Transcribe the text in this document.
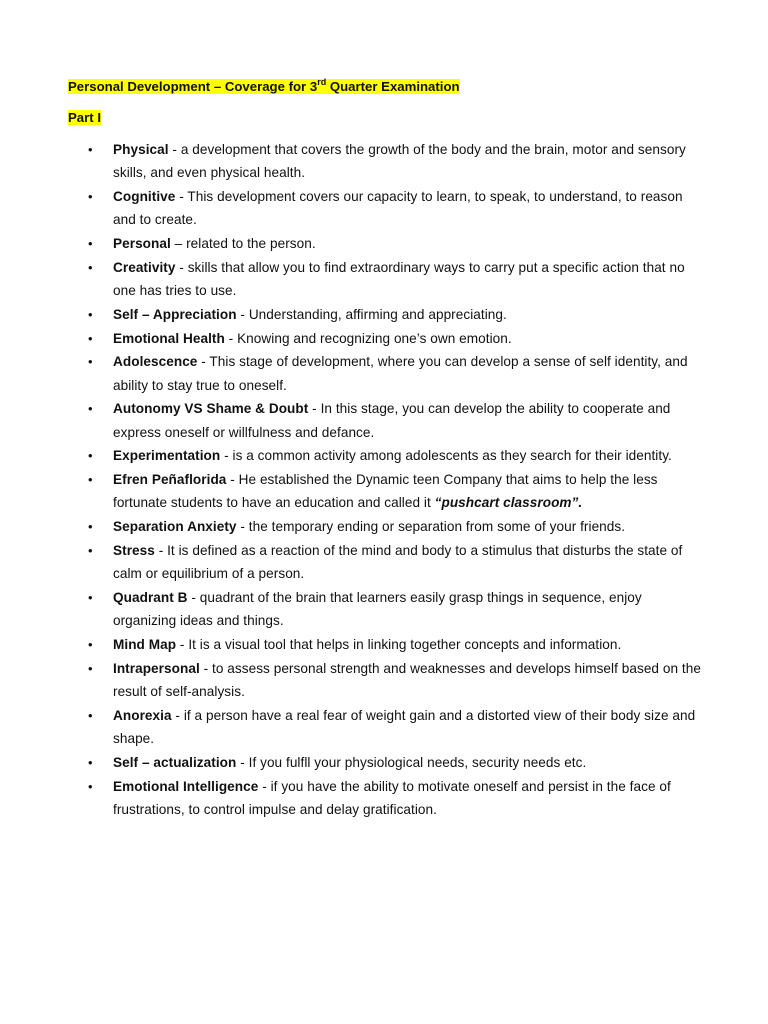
Personal Development – Coverage for 3rd Quarter Examination
Part I
• Physical - a development that covers the growth of the body and the brain, motor and sensory skills, and even physical health.
• Cognitive - This development covers our capacity to learn, to speak, to understand, to reason and to create.
• Personal – related to the person.
• Creativity - skills that allow you to find extraordinary ways to carry put a specific action that no one has tries to use.
• Self – Appreciation - Understanding, affirming and appreciating.
• Emotional Health - Knowing and recognizing one’s own emotion.
• Adolescence - This stage of development, where you can develop a sense of self identity, and ability to stay true to oneself.
• Autonomy VS Shame & Doubt - In this stage, you can develop the ability to cooperate and express oneself or willfulness and defance.
• Experimentation - is a common activity among adolescents as they search for their identity.
• Efren Peñaflorida - He established the Dynamic teen Company that aims to help the less fortunate students to have an education and called it “pushcart classroom”.
• Separation Anxiety - the temporary ending or separation from some of your friends.
• Stress - It is defined as a reaction of the mind and body to a stimulus that disturbs the state of calm or equilibrium of a person.
• Quadrant B - quadrant of the brain that learners easily grasp things in sequence, enjoy organizing ideas and things.
• Mind Map - It is a visual tool that helps in linking together concepts and information.
• Intrapersonal - to assess personal strength and weaknesses and develops himself based on the result of self-analysis.
• Anorexia - if a person have a real fear of weight gain and a distorted view of their body size and shape.
• Self – actualization - If you fulfll your physiological needs, security needs etc.
• Emotional Intelligence - if you have the ability to motivate oneself and persist in the face of frustrations, to control impulse and delay gratification.
